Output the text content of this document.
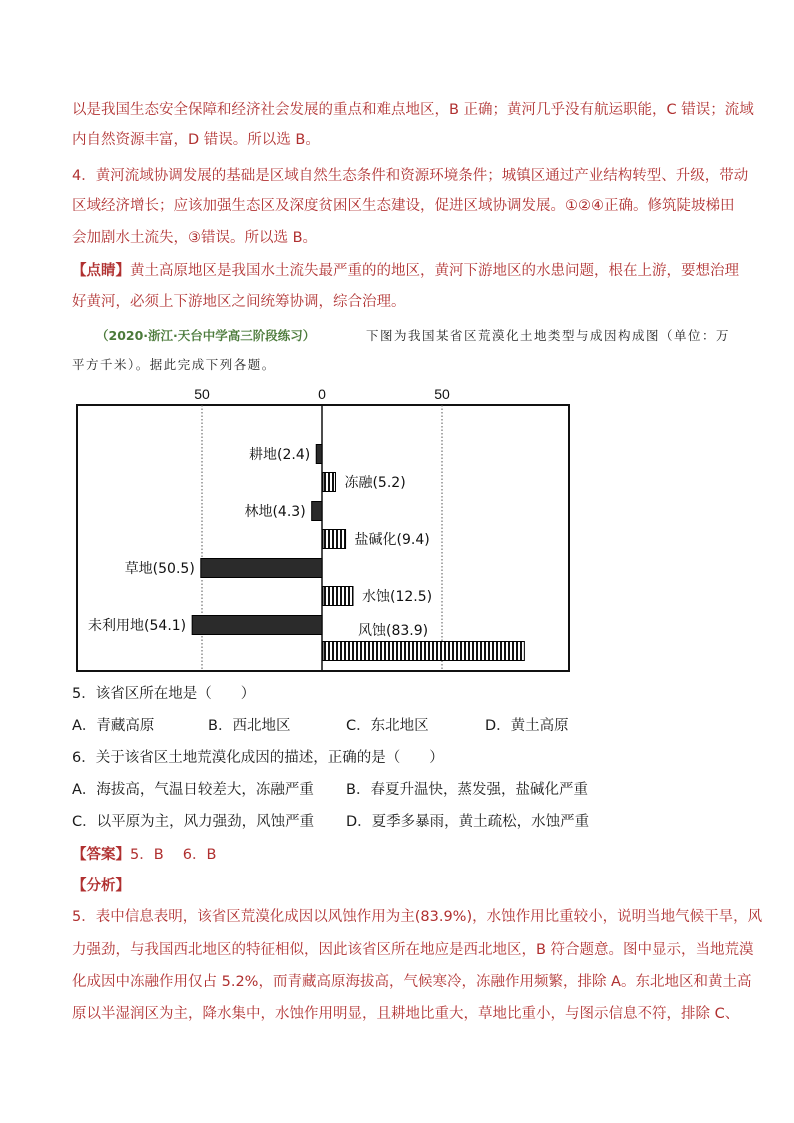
以是我国生态安全保障和经济社会发展的重点和难点地区，B 正确；黄河几乎没有航运职能，C 错误；流域
内自然资源丰富，D 错误。所以选 B。
4．黄河流域协调发展的基础是区域自然生态条件和资源环境条件；城镇区通过产业结构转型、升级，带动
区域经济增长；应该加强生态区及深度贫困区生态建设，促进区域协调发展。①②④正确。修筑陡坡梯田
会加剧水土流失，③错误。所以选 B。
【点睛】黄土高原地区是我国水土流失最严重的的地区，黄河下游地区的水患问题，根在上游，要想治理
好黄河，必须上下游地区之间统筹协调，综合治理。
（2020·浙江·天台中学高三阶段练习）	下图为我国某省区荒漠化土地类型与成因构成图（单位：万
平方千米）。据此完成下列各题。
50	0	50
耕地(2.4)
林地(4.3)
草地(50.5)
未利用地(54.1)
冻融(5.2)
盐碱化(9.4)
水蚀(12.5)
风蚀(83.9)
5．该省区所在地是（　　）
A．青藏高原	B．西北地区	C．东北地区	D．黄土高原
6．关于该省区土地荒漠化成因的描述，正确的是（　　）
A．海拔高，气温日较差大，冻融严重 B．春夏升温快，蒸发强，盐碱化严重
C．以平原为主，风力强劲，风蚀严重 D．夏季多暴雨，黄土疏松，水蚀严重
【答案】5．B　 6．B
【分析】
5．表中信息表明，该省区荒漠化成因以风蚀作用为主(83.9%)，水蚀作用比重较小，说明当地气候干旱，风
力强劲，与我国西北地区的特征相似，因此该省区所在地应是西北地区，B 符合题意。图中显示，当地荒漠
化成因中冻融作用仅占 5.2%，而青藏高原海拔高，气候寒冷，冻融作用频繁，排除 A。东北地区和黄土高
原以半湿润区为主，降水集中，水蚀作用明显，且耕地比重大，草地比重小，与图示信息不符，排除 C、
